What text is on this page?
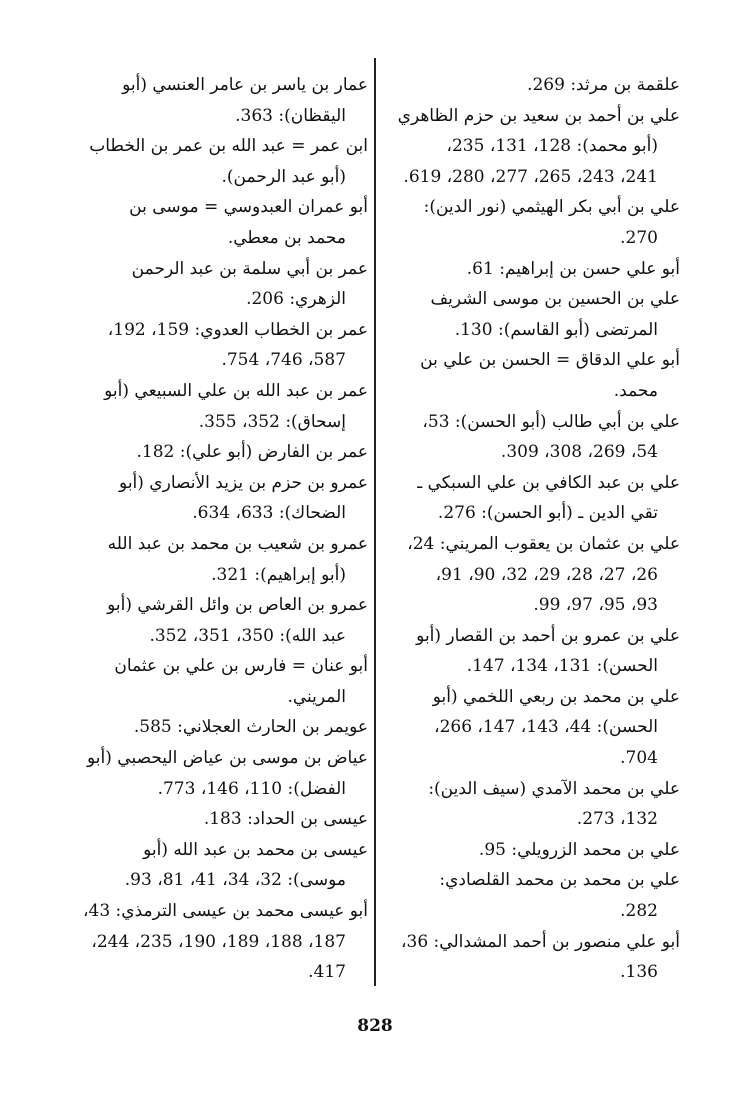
علقمة بن مرثد: 269.
علي بن أحمد بن سعيد بن حزم الظاهري
(أبو محمد): 128، 131، 235،
241، 243، 265، 277، 280، 619.
علي بن أبي بكر الهيثمي (نور الدين):
270.
أبو علي حسن بن إبراهيم: 61.
علي بن الحسين بن موسى الشريف
المرتضى (أبو القاسم): 130.
أبو علي الدقاق = الحسن بن علي بن
محمد.
علي بن أبي طالب (أبو الحسن): 53،
54، 269، 308، 309.
علي بن عبد الكافي بن علي السبكي ـ
تقي الدين ـ (أبو الحسن): 276.
علي بن عثمان بن يعقوب المريني: 24،
26، 27، 28، 29، 32، 90، 91،
93، 95، 97، 99.
علي بن عمرو بن أحمد بن القصار (أبو
الحسن): 131، 134، 147.
علي بن محمد بن ربعي اللخمي (أبو
الحسن): 44، 143، 147، 266،
704.
علي بن محمد الآمدي (سيف الدين):
132، 273.
علي بن محمد الزرويلي: 95.
علي بن محمد بن محمد القلصادي:
282.
أبو علي منصور بن أحمد المشدالي: 36،
136.
عمار بن ياسر بن عامر العنسي (أبو
اليقظان): 363.
ابن عمر = عبد الله بن عمر بن الخطاب
(أبو عبد الرحمن).
أبو عمران العبدوسي = موسى بن
محمد بن معطي.
عمر بن أبي سلمة بن عبد الرحمن
الزهري: 206.
عمر بن الخطاب العدوي: 159، 192،
587، 746، 754.
عمر بن عبد الله بن علي السبيعي (أبو
إسحاق): 352، 355.
عمر بن الفارض (أبو علي): 182.
عمرو بن حزم بن يزيد الأنصاري (أبو
الضحاك): 633، 634.
عمرو بن شعيب بن محمد بن عبد الله
(أبو إبراهيم): 321.
عمرو بن العاص بن وائل القرشي (أبو
عبد الله): 350، 351، 352.
أبو عنان = فارس بن علي بن عثمان
المريني.
عويمر بن الحارث العجلاني: 585.
عياض بن موسى بن عياض اليحصبي (أبو
الفضل): 110، 146، 773.
عيسى بن الحداد: 183.
عيسى بن محمد بن عبد الله (أبو
موسى): 32، 34، 41، 81، 93.
أبو عيسى محمد بن عيسى الترمذي: 43،
187، 188، 189، 190، 235، 244،
417.
828
